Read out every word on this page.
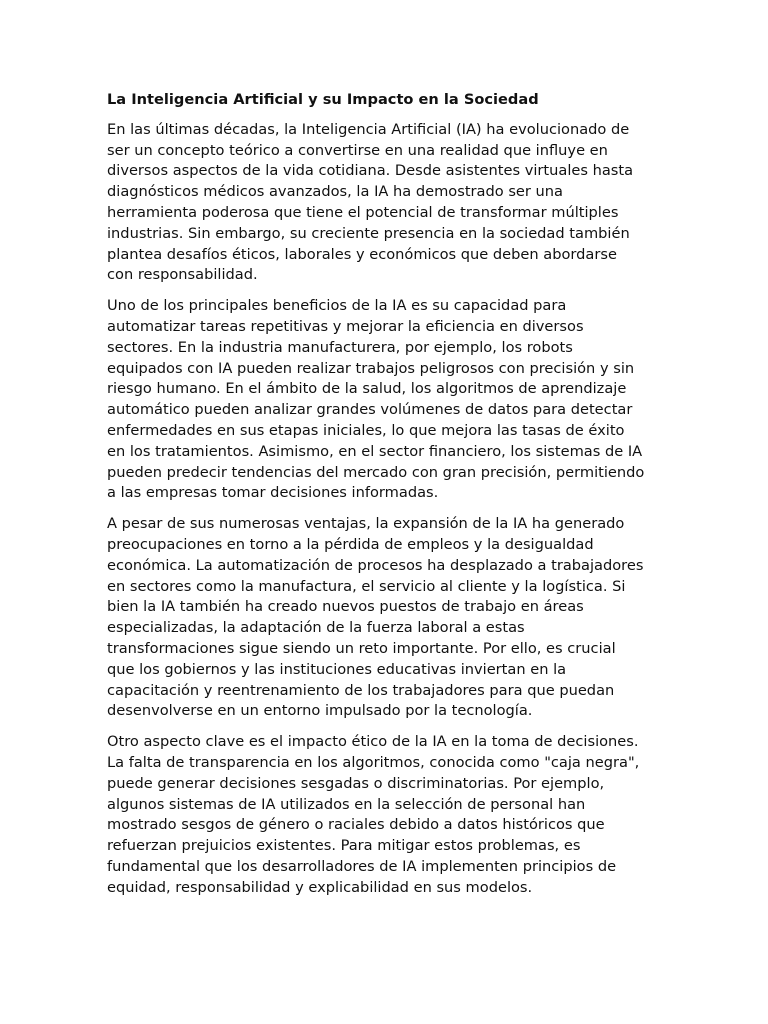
La Inteligencia Artificial y su Impacto en la Sociedad
En las últimas décadas, la Inteligencia Artificial (IA) ha evolucionado de
ser un concepto teórico a convertirse en una realidad que influye en
diversos aspectos de la vida cotidiana. Desde asistentes virtuales hasta
diagnósticos médicos avanzados, la IA ha demostrado ser una
herramienta poderosa que tiene el potencial de transformar múltiples
industrias. Sin embargo, su creciente presencia en la sociedad también
plantea desafíos éticos, laborales y económicos que deben abordarse
con responsabilidad.
Uno de los principales beneficios de la IA es su capacidad para
automatizar tareas repetitivas y mejorar la eficiencia en diversos
sectores. En la industria manufacturera, por ejemplo, los robots
equipados con IA pueden realizar trabajos peligrosos con precisión y sin
riesgo humano. En el ámbito de la salud, los algoritmos de aprendizaje
automático pueden analizar grandes volúmenes de datos para detectar
enfermedades en sus etapas iniciales, lo que mejora las tasas de éxito
en los tratamientos. Asimismo, en el sector financiero, los sistemas de IA
pueden predecir tendencias del mercado con gran precisión, permitiendo
a las empresas tomar decisiones informadas.
A pesar de sus numerosas ventajas, la expansión de la IA ha generado
preocupaciones en torno a la pérdida de empleos y la desigualdad
económica. La automatización de procesos ha desplazado a trabajadores
en sectores como la manufactura, el servicio al cliente y la logística. Si
bien la IA también ha creado nuevos puestos de trabajo en áreas
especializadas, la adaptación de la fuerza laboral a estas
transformaciones sigue siendo un reto importante. Por ello, es crucial
que los gobiernos y las instituciones educativas inviertan en la
capacitación y reentrenamiento de los trabajadores para que puedan
desenvolverse en un entorno impulsado por la tecnología.
Otro aspecto clave es el impacto ético de la IA en la toma de decisiones.
La falta de transparencia en los algoritmos, conocida como "caja negra",
puede generar decisiones sesgadas o discriminatorias. Por ejemplo,
algunos sistemas de IA utilizados en la selección de personal han
mostrado sesgos de género o raciales debido a datos históricos que
refuerzan prejuicios existentes. Para mitigar estos problemas, es
fundamental que los desarrolladores de IA implementen principios de
equidad, responsabilidad y explicabilidad en sus modelos.
